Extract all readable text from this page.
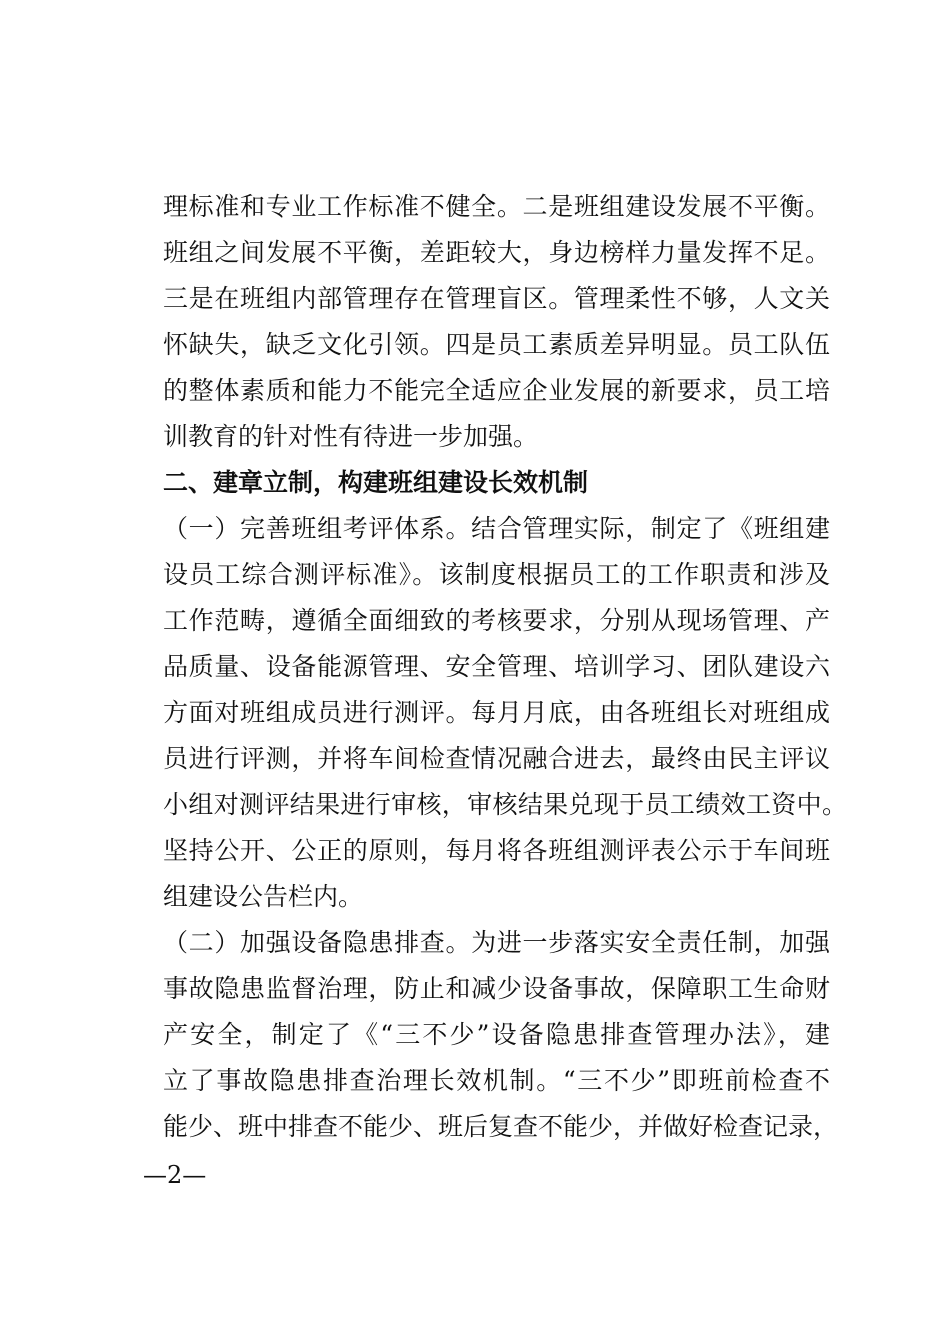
理标准和专业工作标准不健全。二是班组建设发展不平衡。
班组之间发展不平衡，差距较大，身边榜样力量发挥不足。
三是在班组内部管理存在管理盲区。管理柔性不够，人文关
怀缺失，缺乏文化引领。四是员工素质差异明显。员工队伍
的整体素质和能力不能完全适应企业发展的新要求，员工培
训教育的针对性有待进一步加强。
二、建章立制，构建班组建设长效机制
（一）完善班组考评体系。结合管理实际，制定了《班组建
设员工综合测评标准》。该制度根据员工的工作职责和涉及
工作范畴，遵循全面细致的考核要求，分别从现场管理、产
品质量、设备能源管理、安全管理、培训学习、团队建设六
方面对班组成员进行测评。每月月底，由各班组长对班组成
员进行评测，并将车间检查情况融合进去，最终由民主评议
小组对测评结果进行审核，审核结果兑现于员工绩效工资中。
坚持公开、公正的原则，每月将各班组测评表公示于车间班
组建设公告栏内。
（二）加强设备隐患排查。为进一步落实安全责任制，加强
事故隐患监督治理，防止和减少设备事故，保障职工生命财
产安全，制定了《“三不少”设备隐患排查管理办法》，建
立了事故隐患排查治理长效机制。“三不少”即班前检查不
能少、班中排查不能少、班后复查不能少，并做好检查记录，
—2—
